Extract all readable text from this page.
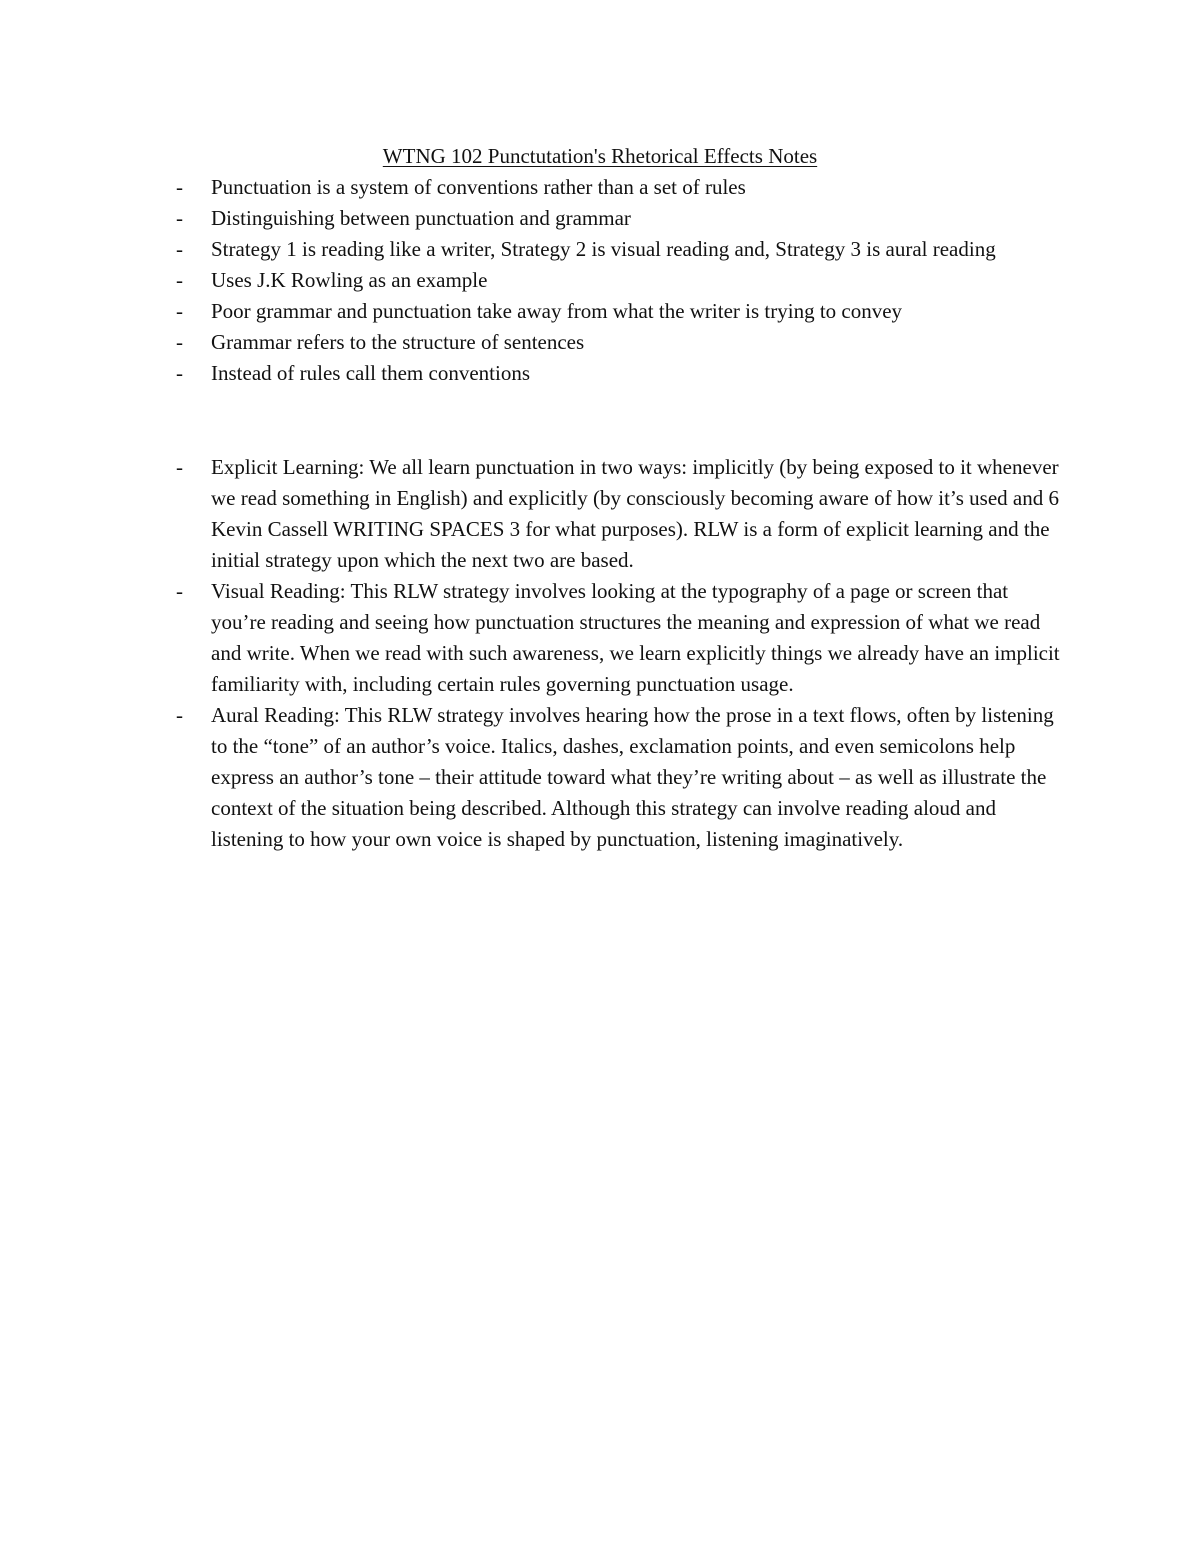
WTNG 102 Punctutation's Rhetorical Effects Notes
- Punctuation is a system of conventions rather than a set of rules
- Distinguishing between punctuation and grammar
- Strategy 1 is reading like a writer, Strategy 2 is visual reading and, Strategy 3 is aural reading
- Uses J.K Rowling as an example
- Poor grammar and punctuation take away from what the writer is trying to convey
- Grammar refers to the structure of sentences
- Instead of rules call them conventions
- Explicit Learning: We all learn punctuation in two ways: implicitly (by being exposed to it whenever we read something in English) and explicitly (by consciously becoming aware of how it’s used and 6 Kevin Cassell WRITING SPACES 3 for what purposes). RLW is a form of explicit learning and the initial strategy upon which the next two are based.
- Visual Reading: This RLW strategy involves looking at the typography of a page or screen that you’re reading and seeing how punctuation structures the meaning and expression of what we read and write. When we read with such awareness, we learn explicitly things we already have an implicit familiarity with, including certain rules governing punctuation usage.
- Aural Reading: This RLW strategy involves hearing how the prose in a text flows, often by listening to the “tone” of an author’s voice. Italics, dashes, exclamation points, and even semicolons help express an author’s tone – their attitude toward what they’re writing about – as well as illustrate the context of the situation being described. Although this strategy can involve reading aloud and listening to how your own voice is shaped by punctuation, listening imaginatively.
